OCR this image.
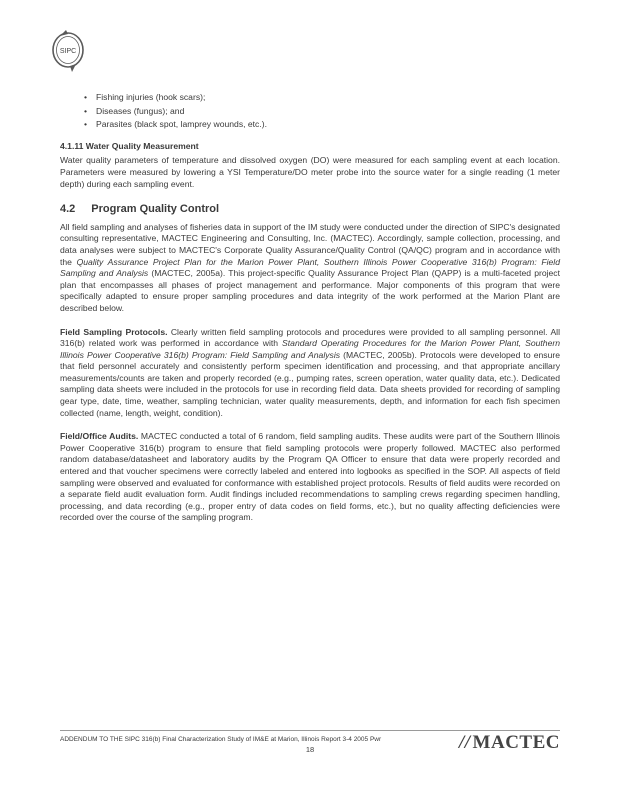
SIPC
• Fishing injuries (hook scars);
• Diseases (fungus); and
• Parasites (black spot, lamprey wounds, etc.).
4.1.11 Water Quality Measurement

Water quality parameters of temperature and dissolved oxygen (DO) were measured for each sampling event at each location. Parameters were measured by lowering a YSI Temperature/DO meter probe into the source water for a single reading (1 meter depth) during each sampling event.

4.2 Program Quality Control

All field sampling and analyses of fisheries data in support of the IM study were conducted under the direction of SIPC's designated consulting representative, MACTEC Engineering and Consulting, Inc. (MACTEC). Accordingly, sample collection, processing, and data analyses were subject to MACTEC's Corporate Quality Assurance/Quality Control (QA/QC) program and in accordance with the Quality Assurance Project Plan for the Marion Power Plant, Southern Illinois Power Cooperative 316(b) Program: Field Sampling and Analysis (MACTEC, 2005a). This project-specific Quality Assurance Project Plan (QAPP) is a multi-faceted project plan that encompasses all phases of project management and performance. Major components of this program that were specifically adapted to ensure proper sampling procedures and data integrity of the work performed at the Marion Plant are described below.

Field Sampling Protocols. Clearly written field sampling protocols and procedures were provided to all sampling personnel. All 316(b) related work was performed in accordance with Standard Operating Procedures for the Marion Power Plant, Southern Illinois Power Cooperative 316(b) Program: Field Sampling and Analysis (MACTEC, 2005b). Protocols were developed to ensure that field personnel accurately and consistently perform specimen identification and processing, and that appropriate ancillary measurements/counts are taken and properly recorded (e.g., pumping rates, screen operation, water quality data, etc.). Dedicated sampling data sheets were included in the protocols for use in recording field data. Data sheets provided for recording of sampling gear type, date, time, weather, sampling technician, water quality measurements, depth, and information for each fish specimen collected (name, length, weight, condition).

Field/Office Audits. MACTEC conducted a total of 6 random, field sampling audits. These audits were part of the Southern Illinois Power Cooperative 316(b) program to ensure that field sampling protocols were properly followed. MACTEC also performed random database/datasheet and laboratory audits by the Program QA Officer to ensure that data were properly recorded and entered and that voucher specimens were correctly labeled and entered into logbooks as specified in the SOP. All aspects of field sampling were observed and evaluated for conformance with established project protocols. Results of field audits were recorded on a separate field audit evaluation form. Audit findings included recommendations to sampling crews regarding specimen handling, processing, and data recording (e.g., proper entry of data codes on field forms, etc.), but no quality affecting deficiencies were recorded over the course of the sampling program.

ADDENDUM TO THE SIPC 316(b) Final Characterization Study of IM&E at Marion, Illinois Report 3-4 2005 Pwr
18	// MACTEC
